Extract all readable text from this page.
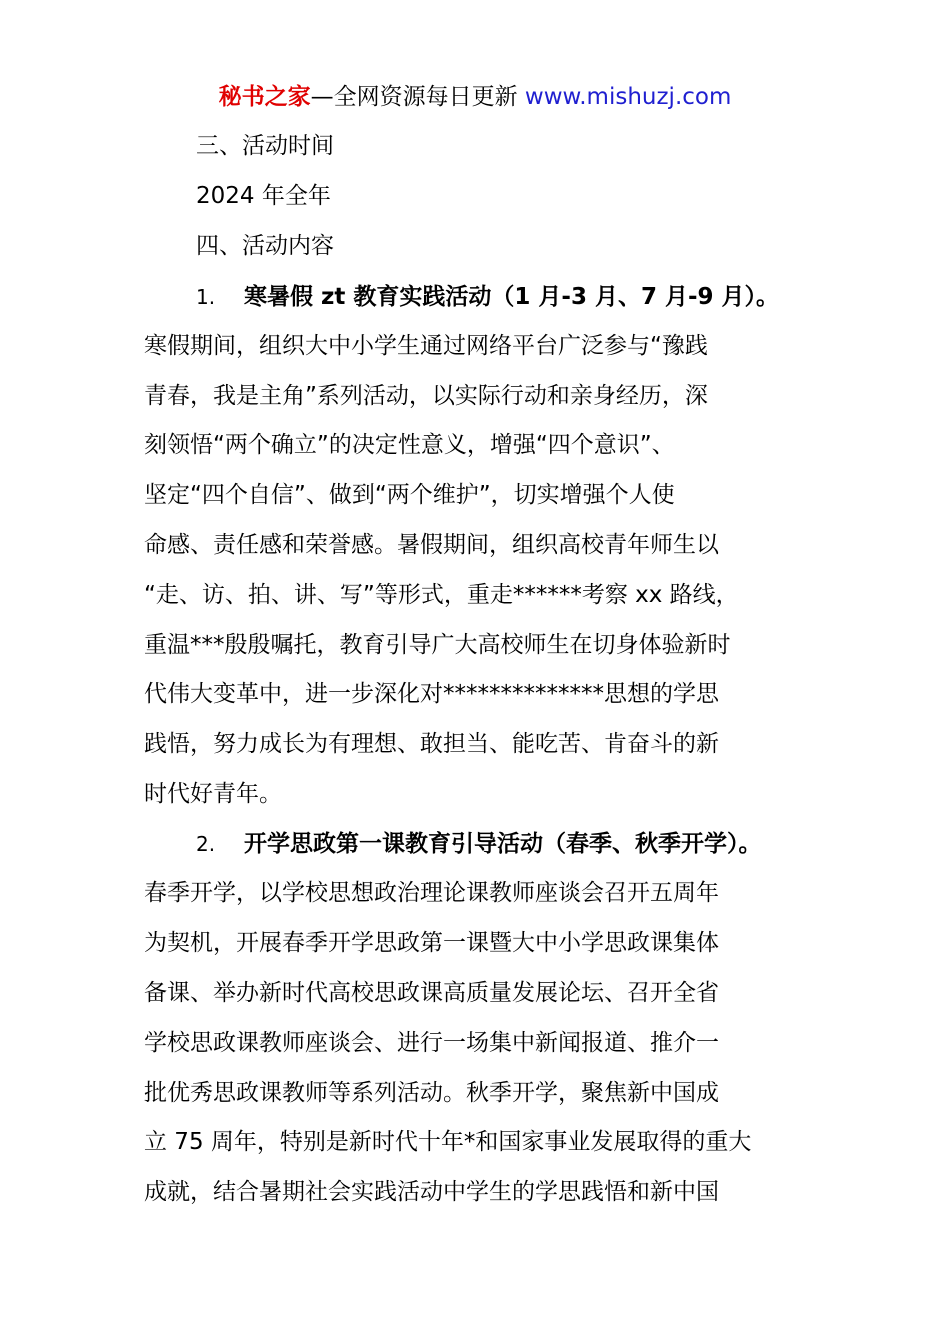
秘书之家—全网资源每日更新 www.mishuzj.com
三、活动时间
2024 年全年
四、活动内容
1. 寒暑假 zt 教育实践活动（1 月-3 月、7 月-9 月）。
寒假期间，组织大中小学生通过网络平台广泛参与“豫践
青春，我是主角”系列活动，以实际行动和亲身经历，深
刻领悟“两个确立”的决定性意义，增强“四个意识”、
坚定“四个自信”、做到“两个维护”，切实增强个人使
命感、责任感和荣誉感。暑假期间，组织高校青年师生以
“走、访、拍、讲、写”等形式，重走******考察 xx 路线，
重温***殷殷嘱托，教育引导广大高校师生在切身体验新时
代伟大变革中，进一步深化对**************思想的学思
践悟，努力成长为有理想、敢担当、能吃苦、肯奋斗的新
时代好青年。
2. 开学思政第一课教育引导活动（春季、秋季开学）。
春季开学，以学校思想政治理论课教师座谈会召开五周年
为契机，开展春季开学思政第一课暨大中小学思政课集体
备课、举办新时代高校思政课高质量发展论坛、召开全省
学校思政课教师座谈会、进行一场集中新闻报道、推介一
批优秀思政课教师等系列活动。秋季开学，聚焦新中国成
立 75 周年，特别是新时代十年*和国家事业发展取得的重大
成就，结合暑期社会实践活动中学生的学思践悟和新中国
